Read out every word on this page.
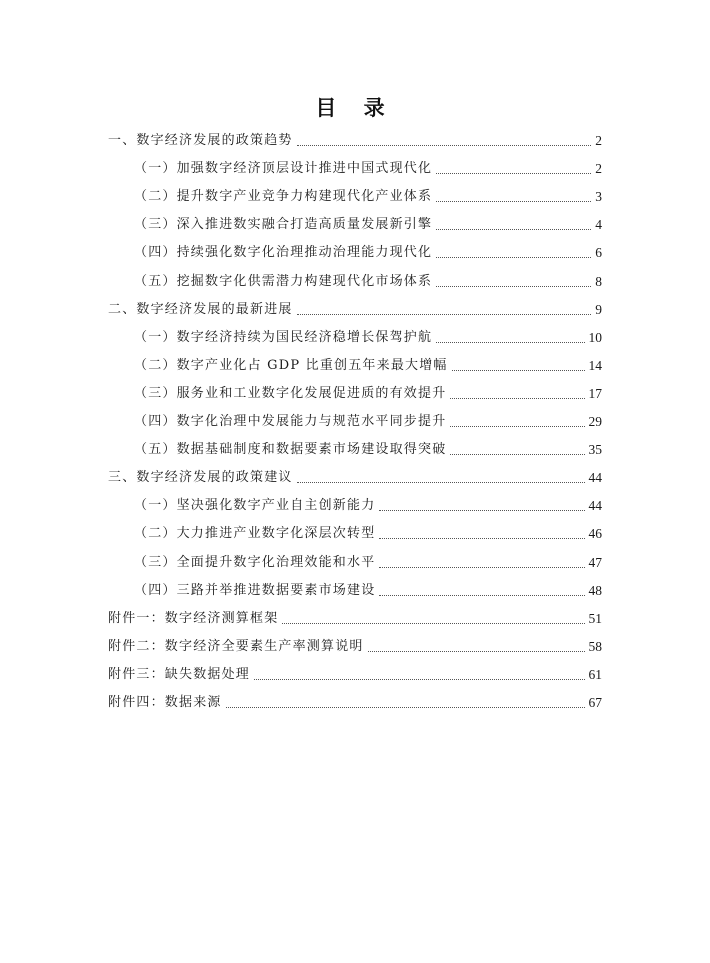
目 录
一、数字经济发展的政策趋势	2
（一）加强数字经济顶层设计推进中国式现代化	2
（二）提升数字产业竞争力构建现代化产业体系	3
（三）深入推进数实融合打造高质量发展新引擎	4
（四）持续强化数字化治理推动治理能力现代化	6
（五）挖掘数字化供需潜力构建现代化市场体系	8
二、数字经济发展的最新进展	9
（一）数字经济持续为国民经济稳增长保驾护航	10
（二）数字产业化占 GDP 比重创五年来最大增幅	14
（三）服务业和工业数字化发展促进质的有效提升	17
（四）数字化治理中发展能力与规范水平同步提升	29
（五）数据基础制度和数据要素市场建设取得突破	35
三、数字经济发展的政策建议	44
（一）坚决强化数字产业自主创新能力	44
（二）大力推进产业数字化深层次转型	46
（三）全面提升数字化治理效能和水平	47
（四）三路并举推进数据要素市场建设	48
附件一：数字经济测算框架	51
附件二：数字经济全要素生产率测算说明	58
附件三：缺失数据处理	61
附件四：数据来源	67
